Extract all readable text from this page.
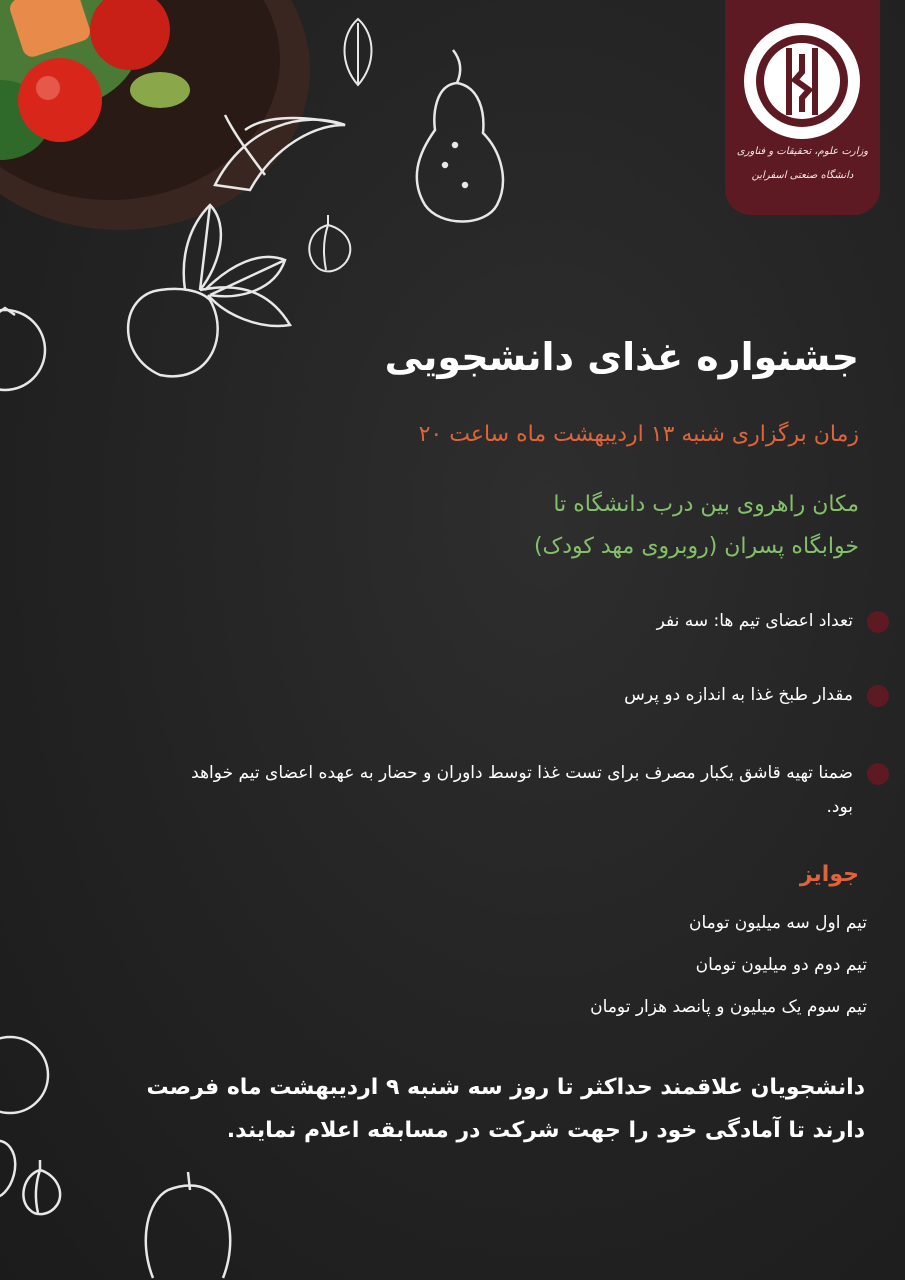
وزارت علوم، تحقیقات و فناوری
دانشگاه صنعتی اسفراین
جشنواره غذای دانشجویی
زمان برگزاری شنبه ۱۳ اردیبهشت ماه ساعت ۲۰
مکان راهروی بین درب دانشگاه تا
خوابگاه پسران (روبروی مهد کودک)
تعداد اعضای تیم ها: سه نفر
مقدار طبخ غذا به اندازه دو پرس
ضمنا تهیه قاشق یکبار مصرف برای تست غذا توسط داوران و حضار به عهده اعضای تیم خواهد بود.
جوایز
تیم اول سه میلیون تومان
تیم دوم دو میلیون تومان
تیم سوم یک میلیون و پانصد هزار تومان
دانشجویان علاقمند حداکثر تا روز سه شنبه ۹ اردیبهشت ماه فرصت دارند تا آمادگی خود را جهت شرکت در مسابقه اعلام نمایند.
